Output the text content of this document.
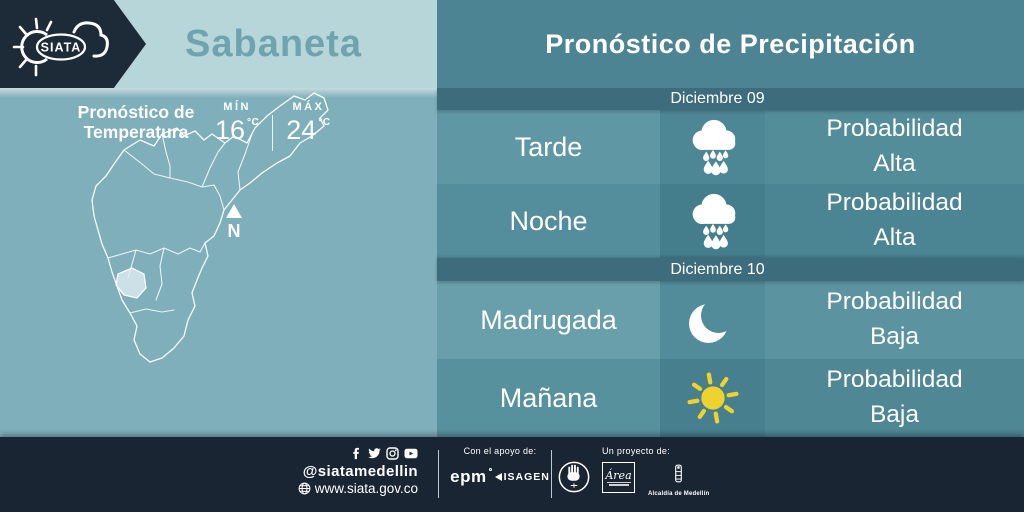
SIATA	Sabaneta
Pronóstico de
Temperatura
MÍN
16 °C
MÁX
24 °C
N
Pronóstico de Precipitación
Diciembre 09
Tarde
Probabilidad
Alta
Noche
Probabilidad
Alta
Diciembre 10
Madrugada
Probabilidad
Baja
Mañana
Probabilidad
Baja
@siatamedellin
www.siata.gov.co
Con el apoyo de:
epm ISAGEN
Un proyecto de:
Área
Alcaldía de Medellín
